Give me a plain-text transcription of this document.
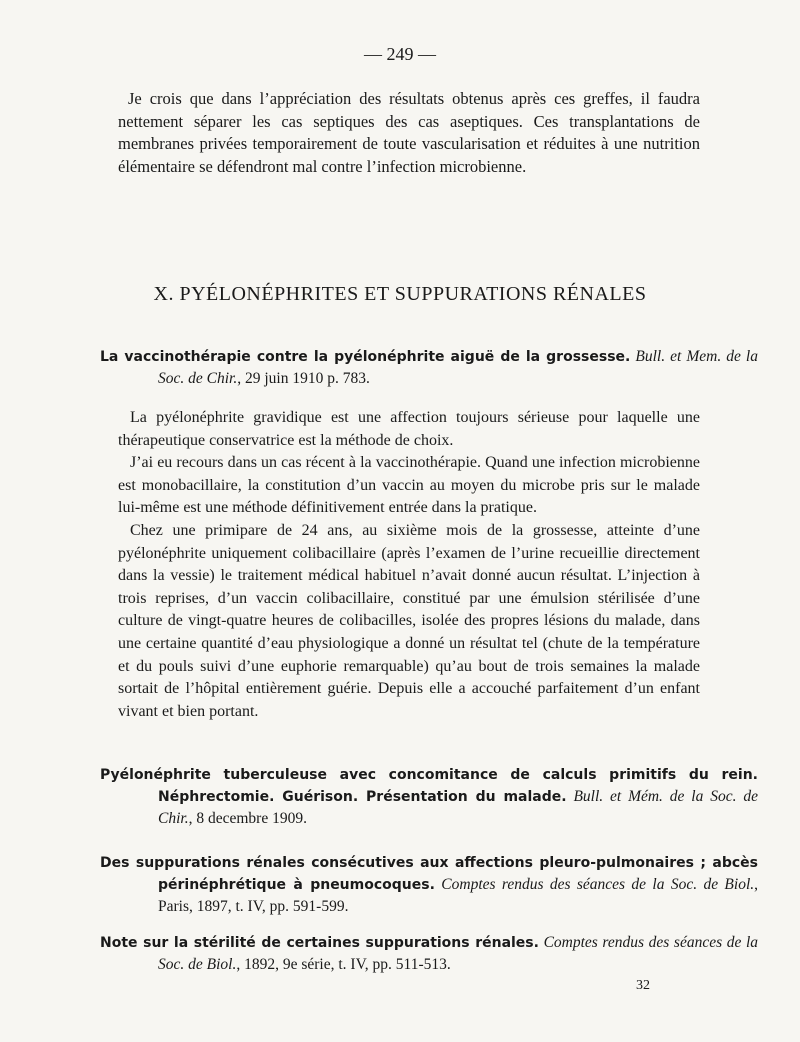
— 249 —
Je crois que dans l’appréciation des résultats obtenus après ces greffes, il faudra nettement séparer les cas septiques des cas aseptiques. Ces transplantations de membranes privées temporairement de toute vascularisation et réduites à une nutrition élémentaire se défendront mal contre l’infection microbienne.
X. PYÉLONÉPHRITES ET SUPPURATIONS RÉNALES
La vaccinothérapie contre la pyélonéphrite aiguë de la grossesse. Bull. et Mem. de la Soc. de Chir., 29 juin 1910 p. 783.

La pyélonéphrite gravidique est une affection toujours sérieuse pour laquelle une thérapeutique conservatrice est la méthode de choix.

J’ai eu recours dans un cas récent à la vaccinothérapie. Quand une infection microbienne est monobacillaire, la constitution d’un vaccin au moyen du microbe pris sur le malade lui-même est une méthode définitivement entrée dans la pratique.

Chez une primipare de 24 ans, au sixième mois de la grossesse, atteinte d’une pyélonéphrite uniquement colibacillaire (après l’examen de l’urine recueillie directement dans la vessie) le traitement médical habituel n’avait donné aucun résultat. L’injection à trois reprises, d’un vaccin colibacillaire, constitué par une émulsion stérilisée d’une culture de vingt-quatre heures de colibacilles, isolée des propres lésions du malade, dans une certaine quantité d’eau physiologique a donné un résultat tel (chute de la température et du pouls suivi d’une euphorie remarquable) qu’au bout de trois semaines la malade sortait de l’hôpital entièrement guérie. Depuis elle a accouché parfaitement d’un enfant vivant et bien portant.

Pyélonéphrite tuberculeuse avec concomitance de calculs primitifs du rein. Néphrectomie. Guérison. Présentation du malade. Bull. et Mém. de la Soc. de Chir., 8 decembre 1909.
Des suppurations rénales consécutives aux affections pleuro-pulmonaires ; abcès périnéphrétique à pneumocoques. Comptes rendus des séances de la Soc. de Biol., Paris, 1897, t. IV, pp. 591-599.
Note sur la stérilité de certaines suppurations rénales. Comptes rendus des séances de la Soc. de Biol., 1892, 9e série, t. IV, pp. 511-513.
32
